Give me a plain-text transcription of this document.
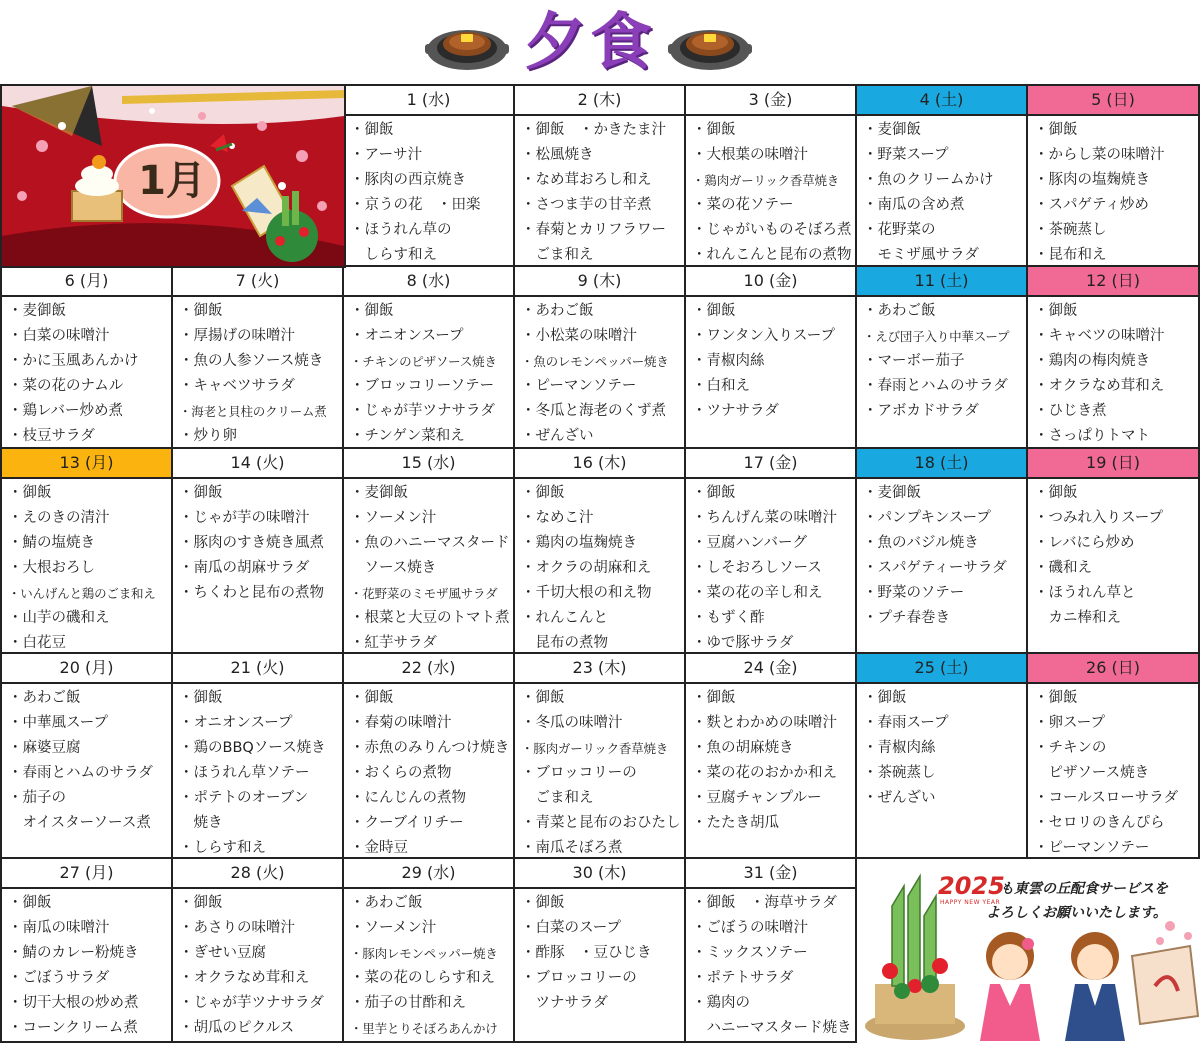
夕食
1月
1 (水)
・御飯
・アーサ汁
・豚肉の西京焼き
・京うの花　・田楽
・ほうれん草の
　しらす和え
2 (木)
・御飯　・かきたま汁
・松風焼き
・なめ茸おろし和え
・さつま芋の甘辛煮
・春菊とカリフラワー
　ごま和え
3 (金)
・御飯
・大根葉の味噌汁
・鶏肉ガーリック香草焼き
・菜の花ソテー
・じゃがいものそぼろ煮
・れんこんと昆布の煮物
4 (土)
・麦御飯
・野菜スープ
・魚のクリームかけ
・南瓜の含め煮
・花野菜の
　モミザ風サラダ
5 (日)
・御飯
・からし菜の味噌汁
・豚肉の塩麹焼き
・スパゲティ炒め
・茶碗蒸し
・昆布和え
6 (月)
・麦御飯
・白菜の味噌汁
・かに玉風あんかけ
・菜の花のナムル
・鶏レバー炒め煮
・枝豆サラダ
7 (火)
・御飯
・厚揚げの味噌汁
・魚の人参ソース焼き
・キャベツサラダ
・海老と貝柱のクリーム煮
・炒り卵
8 (水)
・御飯
・オニオンスープ
・チキンのピザソース焼き
・ブロッコリーソテー
・じゃが芋ツナサラダ
・チンゲン菜和え
9 (木)
・あわご飯
・小松菜の味噌汁
・魚のレモンペッパー焼き
・ピーマンソテー
・冬瓜と海老のくず煮
・ぜんざい
10 (金)
・御飯
・ワンタン入りスープ
・青椒肉絲
・白和え
・ツナサラダ
11 (土)
・あわご飯
・えび団子入り中華スープ
・マーボー茄子
・春雨とハムのサラダ
・アボカドサラダ
12 (日)
・御飯
・キャベツの味噌汁
・鶏肉の梅肉焼き
・オクラなめ茸和え
・ひじき煮
・さっぱりトマト
13 (月)
・御飯
・えのきの清汁
・鯖の塩焼き
・大根おろし
・いんげんと鶏のごま和え
・山芋の磯和え
・白花豆
14 (火)
・御飯
・じゃが芋の味噌汁
・豚肉のすき焼き風煮
・南瓜の胡麻サラダ
・ちくわと昆布の煮物
15 (水)
・麦御飯
・ソーメン汁
・魚のハニーマスタード
　ソース焼き
・花野菜のミモザ風サラダ
・根菜と大豆のトマト煮
・紅芋サラダ
16 (木)
・御飯
・なめこ汁
・鶏肉の塩麹焼き
・オクラの胡麻和え
・千切大根の和え物
・れんこんと
　昆布の煮物
17 (金)
・御飯
・ちんげん菜の味噌汁
・豆腐ハンバーグ
・しそおろしソース
・菜の花の辛し和え
・もずく酢
・ゆで豚サラダ
18 (土)
・麦御飯
・パンプキンスープ
・魚のバジル焼き
・スパゲティーサラダ
・野菜のソテー
・プチ春巻き
19 (日)
・御飯
・つみれ入りスープ
・レバにら炒め
・磯和え
・ほうれん草と
　カニ棒和え
20 (月)
・あわご飯
・中華風スープ
・麻婆豆腐
・春雨とハムのサラダ
・茄子の
　オイスターソース煮
21 (火)
・御飯
・オニオンスープ
・鶏のBBQソース焼き
・ほうれん草ソテー
・ポテトのオーブン
　焼き
・しらす和え
22 (水)
・御飯
・春菊の味噌汁
・赤魚のみりんつけ焼き
・おくらの煮物
・にんじんの煮物
・クーブイリチー
・金時豆
23 (木)
・御飯
・冬瓜の味噌汁
・豚肉ガーリック香草焼き
・ブロッコリーの
　ごま和え
・青菜と昆布のおひたし
・南瓜そぼろ煮
24 (金)
・御飯
・麩とわかめの味噌汁
・魚の胡麻焼き
・菜の花のおかか和え
・豆腐チャンプルー
・たたき胡瓜
25 (土)
・御飯
・春雨スープ
・青椒肉絲
・茶碗蒸し
・ぜんざい
26 (日)
・御飯
・卵スープ
・チキンの
　ピザソース焼き
・コールスローサラダ
・セロリのきんぴら
・ピーマンソテー
27 (月)
・御飯
・南瓜の味噌汁
・鯖のカレー粉焼き
・ごぼうサラダ
・切干大根の炒め煮
・コーンクリーム煮
28 (火)
・御飯
・あさりの味噌汁
・ぎせい豆腐
・オクラなめ茸和え
・じゃが芋ツナサラダ
・胡瓜のピクルス
29 (水)
・あわご飯
・ソーメン汁
・豚肉レモンペッパー焼き
・菜の花のしらす和え
・茄子の甘酢和え
・里芋とりそぼろあんかけ
30 (木)
・御飯
・白菜のスープ
・酢豚　・豆ひじき
・ブロッコリーの
　ツナサラダ
31 (金)
・御飯　・海草サラダ
・ごぼうの味噌汁
・ミックスソテー
・ポテトサラダ
・鶏肉の
　ハニーマスタード焼き
2025
HAPPY NEW YEAR
も東雲の丘配食サービスを
よろしくお願いいたします。
